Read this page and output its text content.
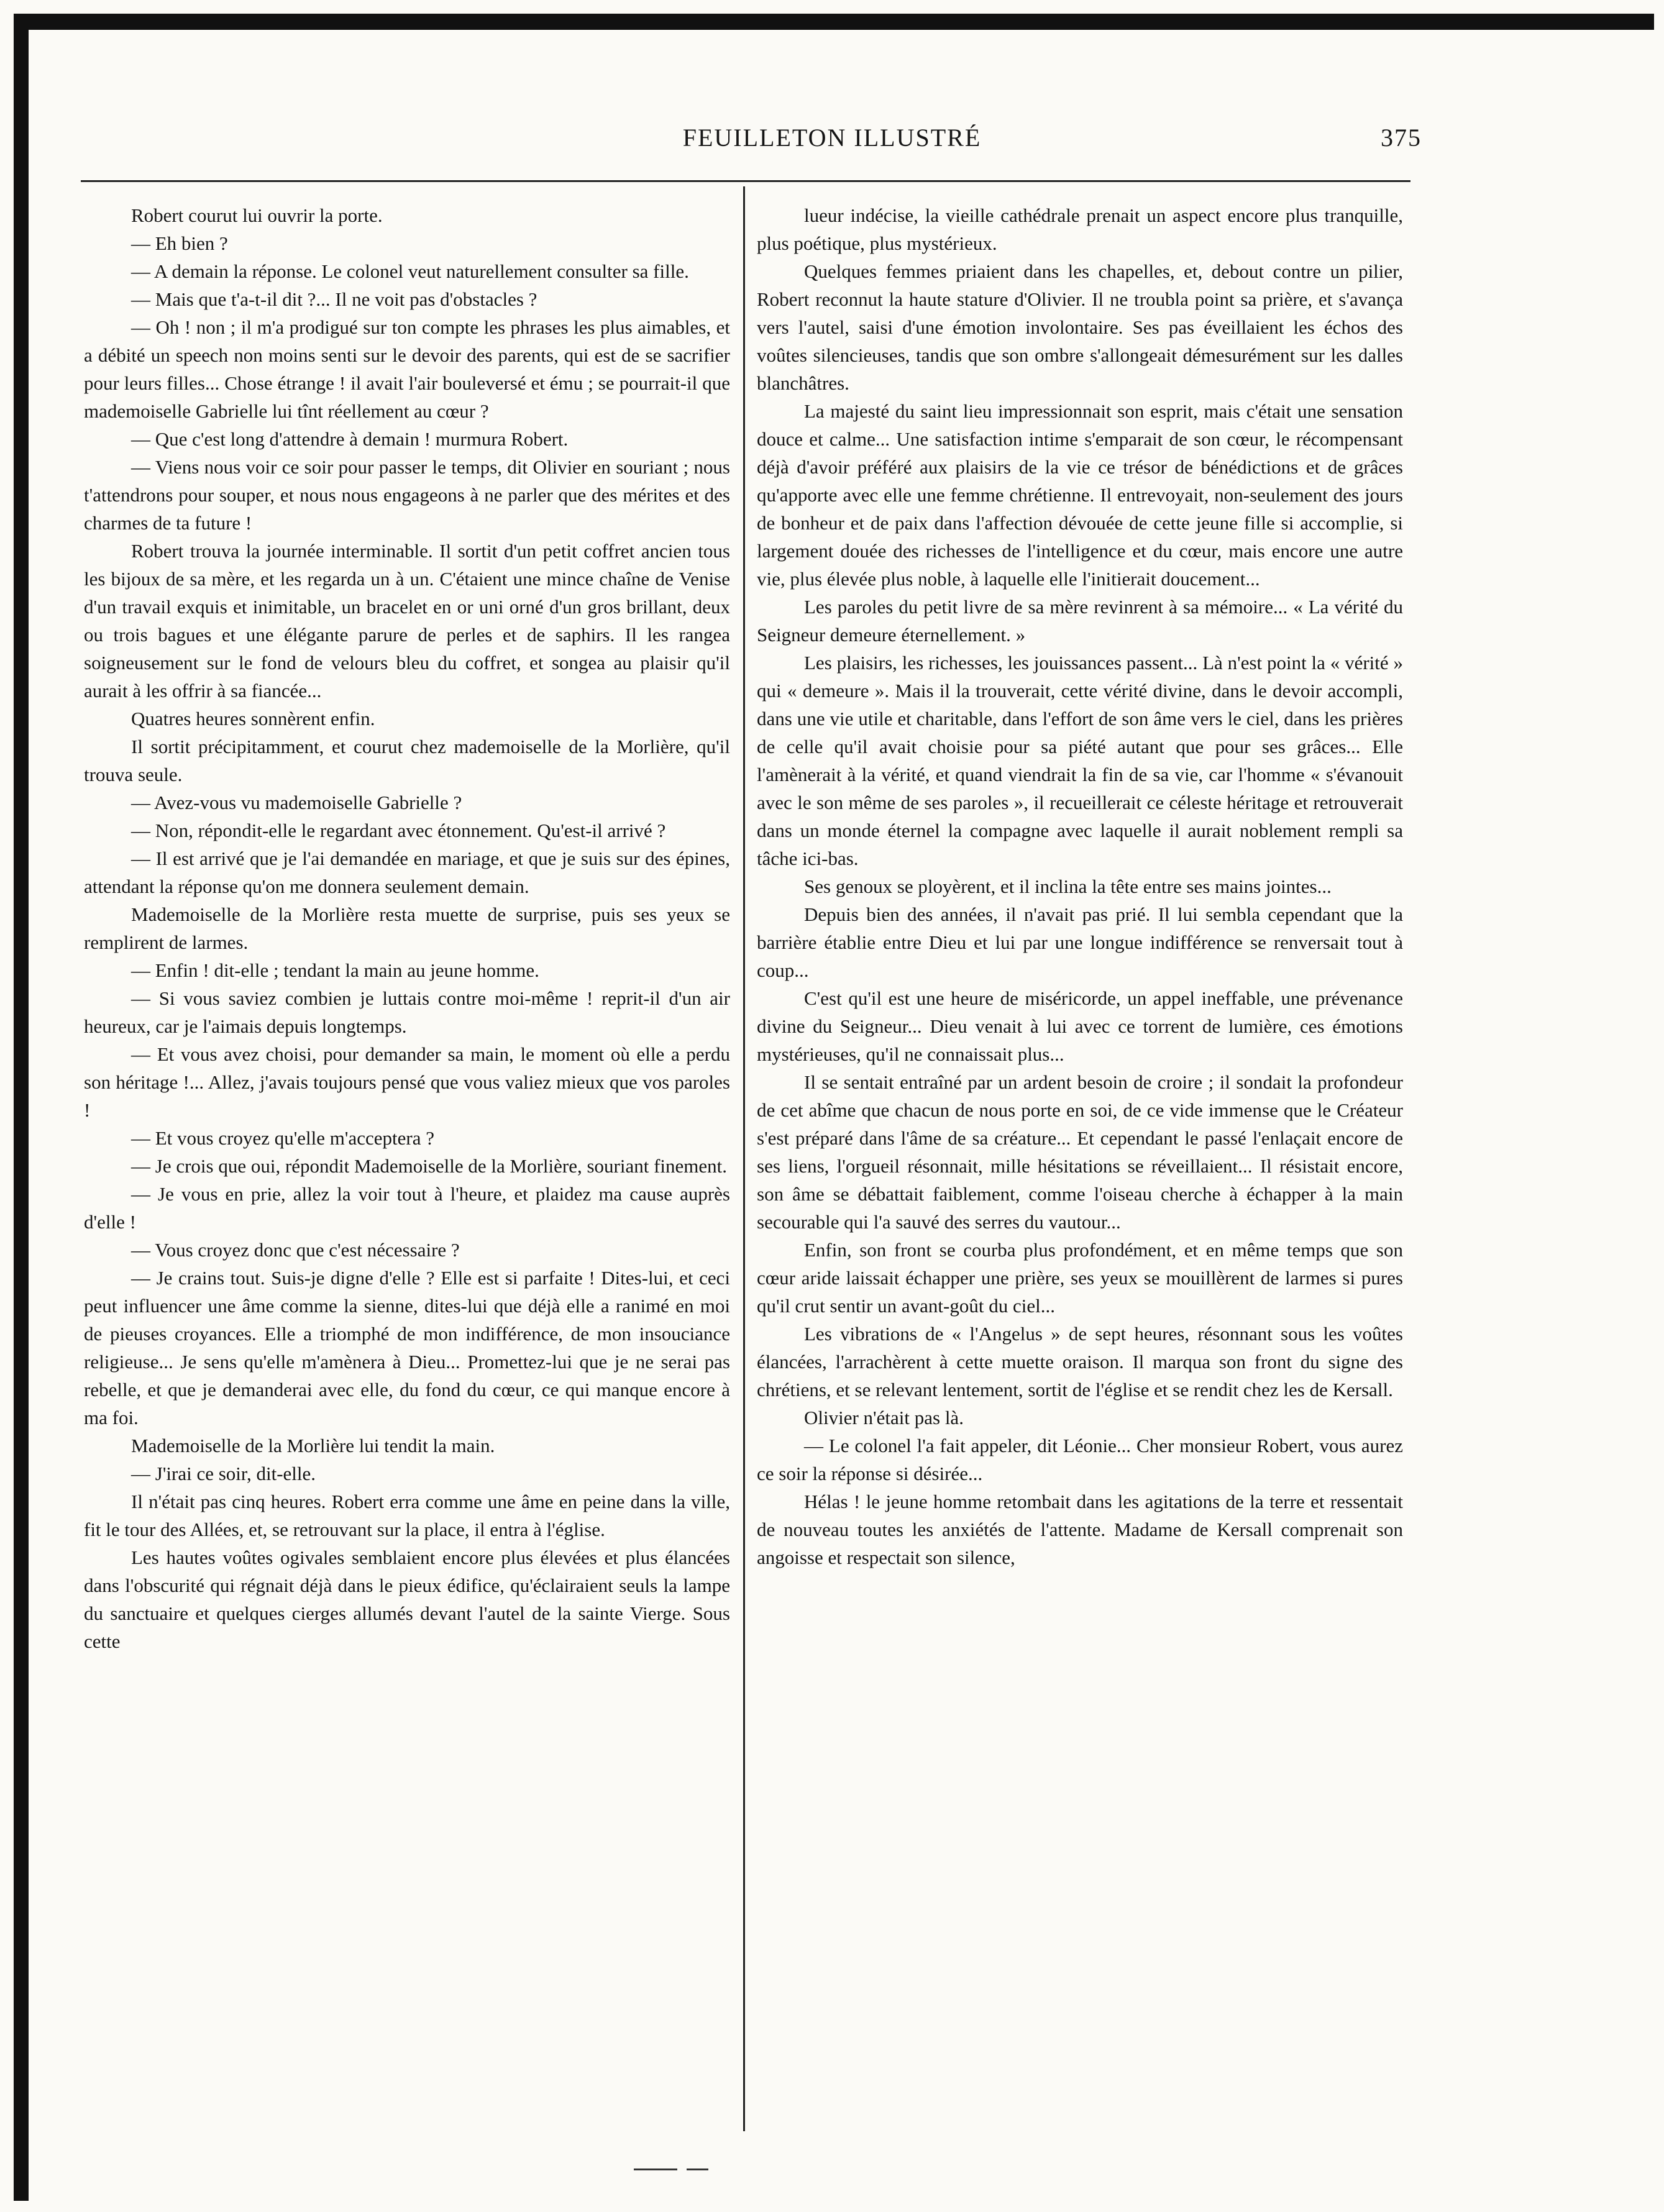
FEUILLETON ILLUSTRÉ	375

Robert courut lui ouvrir la porte.

— Eh bien ?

— A demain la réponse. Le colonel veut naturellement consulter sa fille.

— Mais que t'a-t-il dit ?... Il ne voit pas d'obstacles ?

— Oh ! non ; il m'a prodigué sur ton compte les phrases les plus aimables, et a débité un speech non moins senti sur le devoir des parents, qui est de se sacrifier pour leurs filles... Chose étrange ! il avait l'air bouleversé et ému ; se pourrait-il que mademoiselle Gabrielle lui tînt réellement au cœur ?

— Que c'est long d'attendre à demain ! murmura Robert.

— Viens nous voir ce soir pour passer le temps, dit Olivier en souriant ; nous t'attendrons pour souper, et nous nous engageons à ne parler que des mérites et des charmes de ta future !

Robert trouva la journée interminable. Il sortit d'un petit coffret ancien tous les bijoux de sa mère, et les regarda un à un. C'étaient une mince chaîne de Venise d'un travail exquis et inimitable, un bracelet en or uni orné d'un gros brillant, deux ou trois bagues et une élégante parure de perles et de saphirs. Il les rangea soigneusement sur le fond de velours bleu du coffret, et songea au plaisir qu'il aurait à les offrir à sa fiancée...

Quatres heures sonnèrent enfin.

Il sortit précipitamment, et courut chez mademoiselle de la Morlière, qu'il trouva seule.

— Avez-vous vu mademoiselle Gabrielle ?

— Non, répondit-elle le regardant avec étonnement. Qu'est-il arrivé ?

— Il est arrivé que je l'ai demandée en mariage, et que je suis sur des épines, attendant la réponse qu'on me donnera seulement demain.

Mademoiselle de la Morlière resta muette de surprise, puis ses yeux se remplirent de larmes.

— Enfin ! dit-elle ; tendant la main au jeune homme.

— Si vous saviez combien je luttais contre moi-même ! reprit-il d'un air heureux, car je l'aimais depuis longtemps.

— Et vous avez choisi, pour demander sa main, le moment où elle a perdu son héritage !... Allez, j'avais toujours pensé que vous valiez mieux que vos paroles !

— Et vous croyez qu'elle m'acceptera ?

— Je crois que oui, répondit Mademoiselle de la Morlière, souriant finement.

— Je vous en prie, allez la voir tout à l'heure, et plaidez ma cause auprès d'elle !

— Vous croyez donc que c'est nécessaire ?

— Je crains tout. Suis-je digne d'elle ? Elle est si parfaite ! Dites-lui, et ceci peut influencer une âme comme la sienne, dites-lui que déjà elle a ranimé en moi de pieuses croyances. Elle a triomphé de mon indifférence, de mon insouciance religieuse... Je sens qu'elle m'amènera à Dieu... Promettez-lui que je ne serai pas rebelle, et que je demanderai avec elle, du fond du cœur, ce qui manque encore à ma foi.

Mademoiselle de la Morlière lui tendit la main.

— J'irai ce soir, dit-elle.

Il n'était pas cinq heures. Robert erra comme une âme en peine dans la ville, fit le tour des Allées, et, se retrouvant sur la place, il entra à l'église.

Les hautes voûtes ogivales semblaient encore plus élevées et plus élancées dans l'obscurité qui régnait déjà dans le pieux édifice, qu'éclairaient seuls la lampe du sanctuaire et quelques cierges allumés devant l'autel de la sainte Vierge. Sous cette

lueur indécise, la vieille cathédrale prenait un aspect encore plus tranquille, plus poétique, plus mystérieux.

Quelques femmes priaient dans les chapelles, et, debout contre un pilier, Robert reconnut la haute stature d'Olivier. Il ne troubla point sa prière, et s'avança vers l'autel, saisi d'une émotion involontaire. Ses pas éveillaient les échos des voûtes silencieuses, tandis que son ombre s'allongeait démesurément sur les dalles blanchâtres.

La majesté du saint lieu impressionnait son esprit, mais c'était une sensation douce et calme... Une satisfaction intime s'emparait de son cœur, le récompensant déjà d'avoir préféré aux plaisirs de la vie ce trésor de bénédictions et de grâces qu'apporte avec elle une femme chrétienne. Il entrevoyait, non-seulement des jours de bonheur et de paix dans l'affection dévouée de cette jeune fille si accomplie, si largement douée des richesses de l'intelligence et du cœur, mais encore une autre vie, plus élevée plus noble, à laquelle elle l'initierait doucement...

Les paroles du petit livre de sa mère revinrent à sa mémoire... « La vérité du Seigneur demeure éternellement. »

Les plaisirs, les richesses, les jouissances passent... Là n'est point la « vérité » qui « demeure ». Mais il la trouverait, cette vérité divine, dans le devoir accompli, dans une vie utile et charitable, dans l'effort de son âme vers le ciel, dans les prières de celle qu'il avait choisie pour sa piété autant que pour ses grâces... Elle l'amènerait à la vérité, et quand viendrait la fin de sa vie, car l'homme « s'évanouit avec le son même de ses paroles », il recueillerait ce céleste héritage et retrouverait dans un monde éternel la compagne avec laquelle il aurait noblement rempli sa tâche ici-bas.

Ses genoux se ployèrent, et il inclina la tête entre ses mains jointes...

Depuis bien des années, il n'avait pas prié. Il lui sembla cependant que la barrière établie entre Dieu et lui par une longue indifférence se renversait tout à coup...

C'est qu'il est une heure de miséricorde, un appel ineffable, une prévenance divine du Seigneur... Dieu venait à lui avec ce torrent de lumière, ces émotions mystérieuses, qu'il ne connaissait plus...

Il se sentait entraîné par un ardent besoin de croire ; il sondait la profondeur de cet abîme que chacun de nous porte en soi, de ce vide immense que le Créateur s'est préparé dans l'âme de sa créature... Et cependant le passé l'enlaçait encore de ses liens, l'orgueil résonnait, mille hésitations se réveillaient... Il résistait encore, son âme se débattait faiblement, comme l'oiseau cherche à échapper à la main secourable qui l'a sauvé des serres du vautour...

Enfin, son front se courba plus profondément, et en même temps que son cœur aride laissait échapper une prière, ses yeux se mouillèrent de larmes si pures qu'il crut sentir un avant-goût du ciel...

Les vibrations de « l'Angelus » de sept heures, résonnant sous les voûtes élancées, l'arrachèrent à cette muette oraison. Il marqua son front du signe des chrétiens, et se relevant lentement, sortit de l'église et se rendit chez les de Kersall.

Olivier n'était pas là.

— Le colonel l'a fait appeler, dit Léonie... Cher monsieur Robert, vous aurez ce soir la réponse si désirée...

Hélas ! le jeune homme retombait dans les agitations de la terre et ressentait de nouveau toutes les anxiétés de l'attente. Madame de Kersall comprenait son angoisse et respectait son silence,
